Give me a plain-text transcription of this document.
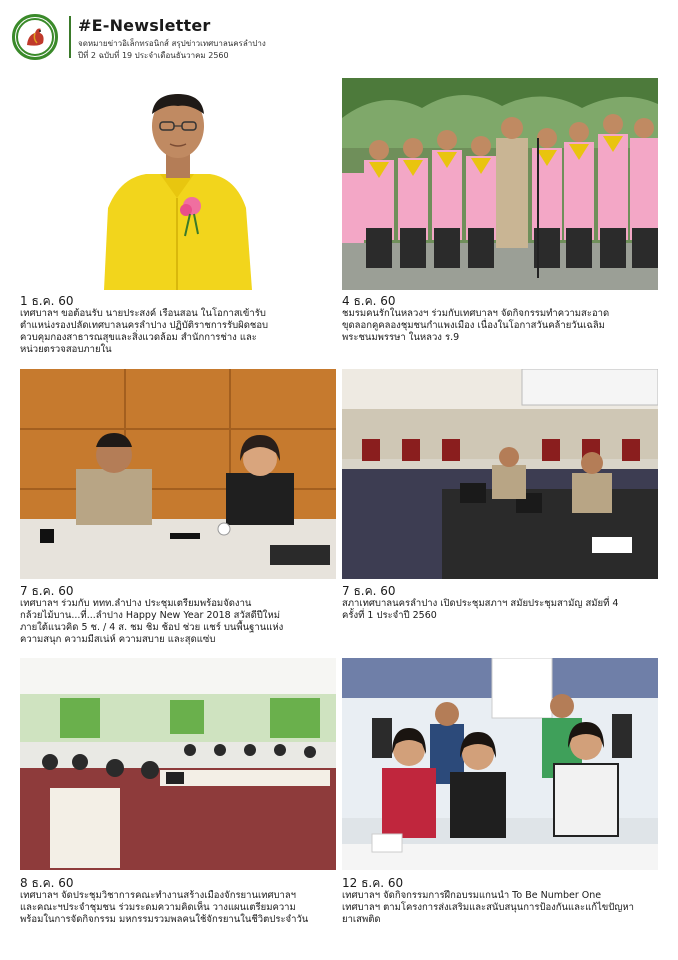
#E-Newsletter
จดหมายข่าวอิเล็กทรอนิกส์ สรุปข่าวเทศบาลนครลำปาง
ปีที่ 2 ฉบับที่ 19 ประจำเดือนธันวาคม 2560
1 ธ.ค. 60
เทศบาลฯ ขอต้อนรับ นายประสงค์ เรือนสอน ในโอกาสเข้ารับ
ตำแหน่งรองปลัดเทศบาลนครลำปาง ปฏิบัติราชการรับผิดชอบ
ควบคุมกองสาธารณสุขและสิ่งแวดล้อม สำนักการช่าง และ
หน่วยตรวจสอบภายใน
4 ธ.ค. 60
ชมรมคนรักในหลวงฯ ร่วมกับเทศบาลฯ จัดกิจกรรมทำความสะอาด
ขุดลอกคูคลองชุมชนกำแพงเมือง เนื่องในโอกาสวันคล้ายวันเฉลิม
พระชนมพรรษา ในหลวง ร.9
7 ธ.ค. 60
เทศบาลฯ ร่วมกับ ททท.ลำปาง ประชุมเตรียมพร้อมจัดงาน
กล้วยไม้บาน...ที่...ลำปาง Happy New Year 2018 สวัสดีปีใหม่
ภายใต้แนวคิด 5 ช. / 4 ส. ชม ชิม ช้อป ช่วย แชร์ บนพื้นฐานแห่ง
ความสนุก ความมีสเน่ห์ ความสบาย และสุดแซ่บ
7 ธ.ค. 60
สภาเทศบาลนครลำปาง เปิดประชุมสภาฯ สมัยประชุมสามัญ สมัยที่ 4
ครั้งที่ 1 ประจำปี 2560
8 ธ.ค. 60
เทศบาลฯ จัดประชุมวิชาการคณะทำงานสร้างเมืองจักรยานเทศบาลฯ
และคณะฯประจำชุมชน ร่วมระดมความคิดเห็น วางแผนเตรียมความ
พร้อมในการจัดกิจกรรม มหกรรมรวมพลคนใช้จักรยานในชีวิตประจำวัน
12 ธ.ค. 60
เทศบาลฯ จัดกิจกรรมการฝึกอบรมแกนนำ To Be Number One
เทศบาลฯ ตามโครงการส่งเสริมและสนับสนุนการป้องกันและแก้ไขปัญหา
ยาเสพติด
